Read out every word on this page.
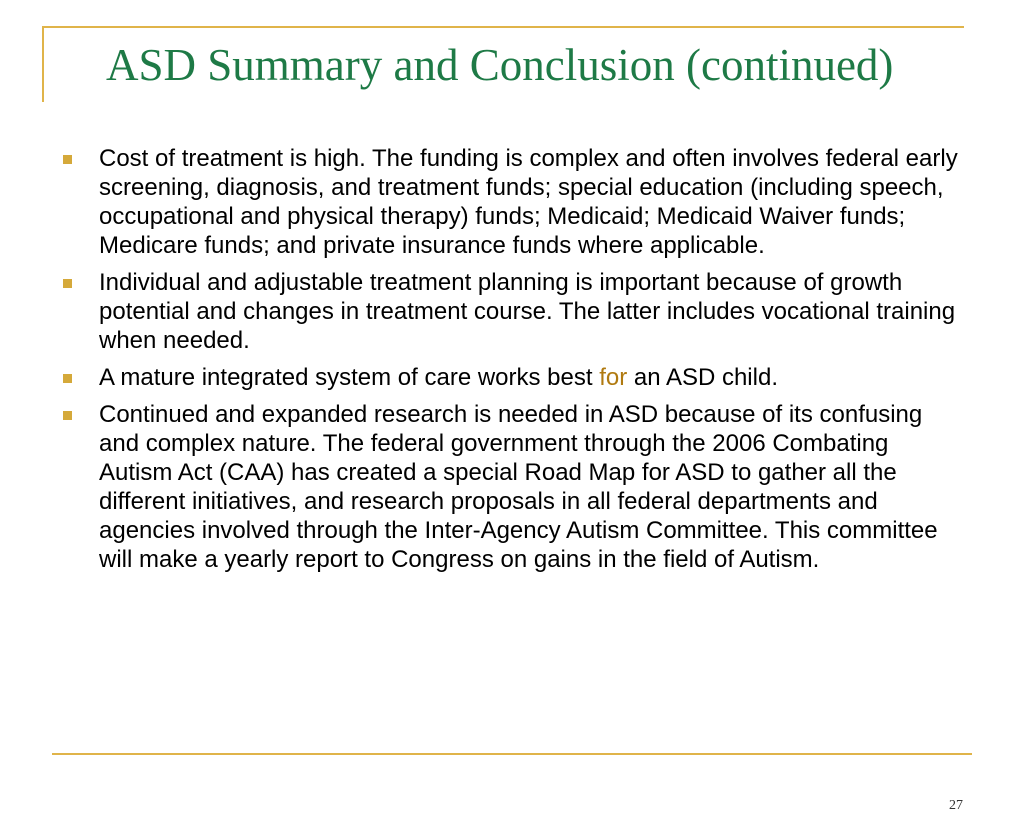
ASD Summary and Conclusion (continued)
Cost of treatment is high. The funding is complex and often involves federal early screening, diagnosis, and treatment funds; special education (including speech, occupational and physical therapy) funds; Medicaid; Medicaid Waiver funds; Medicare funds; and private insurance funds where applicable.
Individual and adjustable treatment planning is important because of growth potential and changes in treatment course. The latter includes vocational training when needed.
A mature integrated system of care works best for an ASD child.
Continued and expanded research is needed in ASD because of its confusing and complex nature. The federal government through the 2006 Combating Autism Act (CAA) has created a special Road Map for ASD to gather all the different initiatives, and research proposals in all federal departments and agencies involved through the Inter-Agency Autism Committee. This committee will make a yearly report to Congress on gains in the field of Autism.
27
